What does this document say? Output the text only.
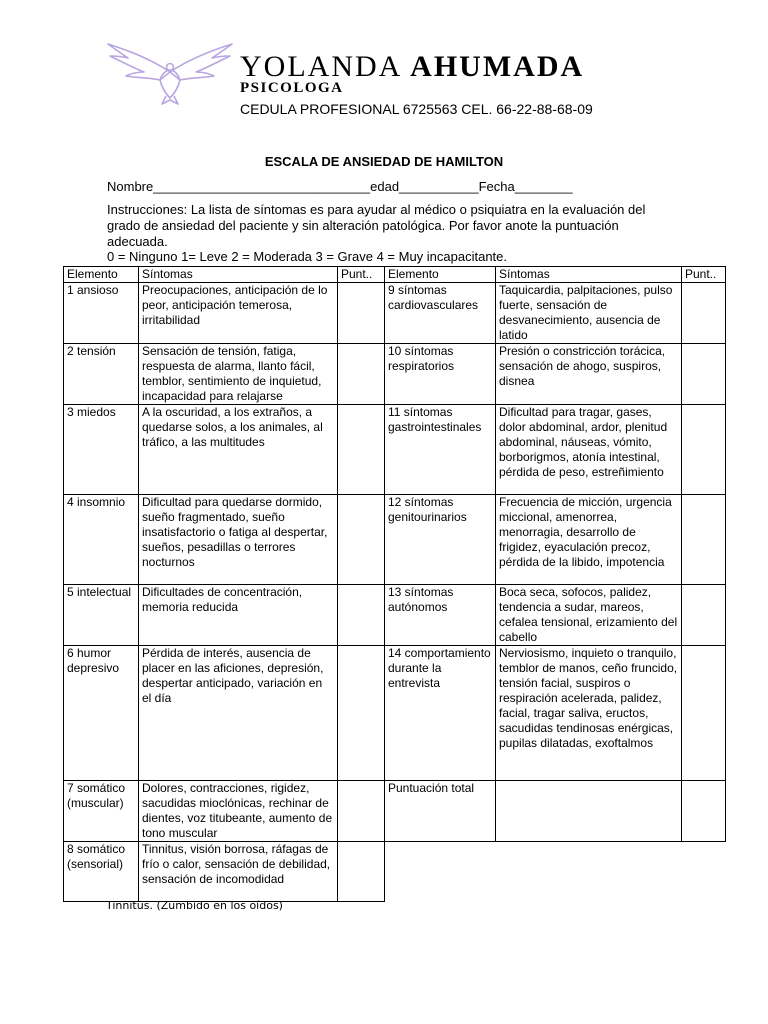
YOLANDA AHUMADA
PSICOLOGA
CEDULA PROFESIONAL 6725563 CEL. 66-22-88-68-09
ESCALA DE ANSIEDAD DE HAMILTON
Nombre______________________________edad___________Fecha________
Instrucciones: La lista de síntomas es para ayudar al médico o psiquiatra en la evaluación del grado de ansiedad del paciente y sin alteración patológica. Por favor anote la puntuación adecuada.
0 = Ninguno 1= Leve 2 = Moderada 3 = Grave 4 = Muy incapacitante.
Elemento	Síntomas	Punt..	Elemento	Síntomas	Punt..
1 ansioso	Preocupaciones, anticipación de lo peor, anticipación temerosa, irritabilidad		9 síntomas cardiovasculares	Taquicardia, palpitaciones, pulso fuerte, sensación de desvanecimiento, ausencia de latido	
2 tensión	Sensación de tensión, fatiga, respuesta de alarma, llanto fácil, temblor, sentimiento de inquietud, incapacidad para relajarse		10 síntomas respiratorios	Presión o constricción torácica, sensación de ahogo, suspiros, disnea	
3 miedos	A la oscuridad, a los extraños, a quedarse solos, a los animales, al tráfico, a las multitudes		11 síntomas gastrointestinales	Dificultad para tragar, gases, dolor abdominal, ardor, plenitud abdominal, náuseas, vómito, borborigmos, atonía intestinal, pérdida de peso, estreñimiento	
4 insomnio	Dificultad para quedarse dormido, sueño fragmentado, sueño insatisfactorio o fatiga al despertar, sueños, pesadillas o terrores nocturnos		12 síntomas genitourinarios	Frecuencia de micción, urgencia miccional, amenorrea, menorragia, desarrollo de frigidez, eyaculación precoz, pérdida de la libido, impotencia	
5 intelectual	Dificultades de concentración, memoria reducida		13 síntomas autónomos	Boca seca, sofocos, palidez, tendencia a sudar, mareos, cefalea tensional, erizamiento del cabello	
6 humor depresivo	Pérdida de interés, ausencia de placer en las aficiones, depresión, despertar anticipado, variación en el día		14 comportamiento durante la entrevista	Nerviosismo, inquieto o tranquilo, temblor de manos, ceño fruncido, tensión facial, suspiros o respiración acelerada, palidez, facial, tragar saliva, eructos, sacudidas tendinosas enérgicas, pupilas dilatadas, exoftalmos	
7 somático (muscular)	Dolores, contracciones, rigidez, sacudidas mioclónicas, rechinar de dientes, voz titubeante, aumento de tono muscular		Puntuación total		
8 somático (sensorial)	Tinnitus, visión borrosa, ráfagas de frío o calor, sensación de debilidad, sensación de incomodidad				
Tinnitus. (Zumbido en los oídos)
